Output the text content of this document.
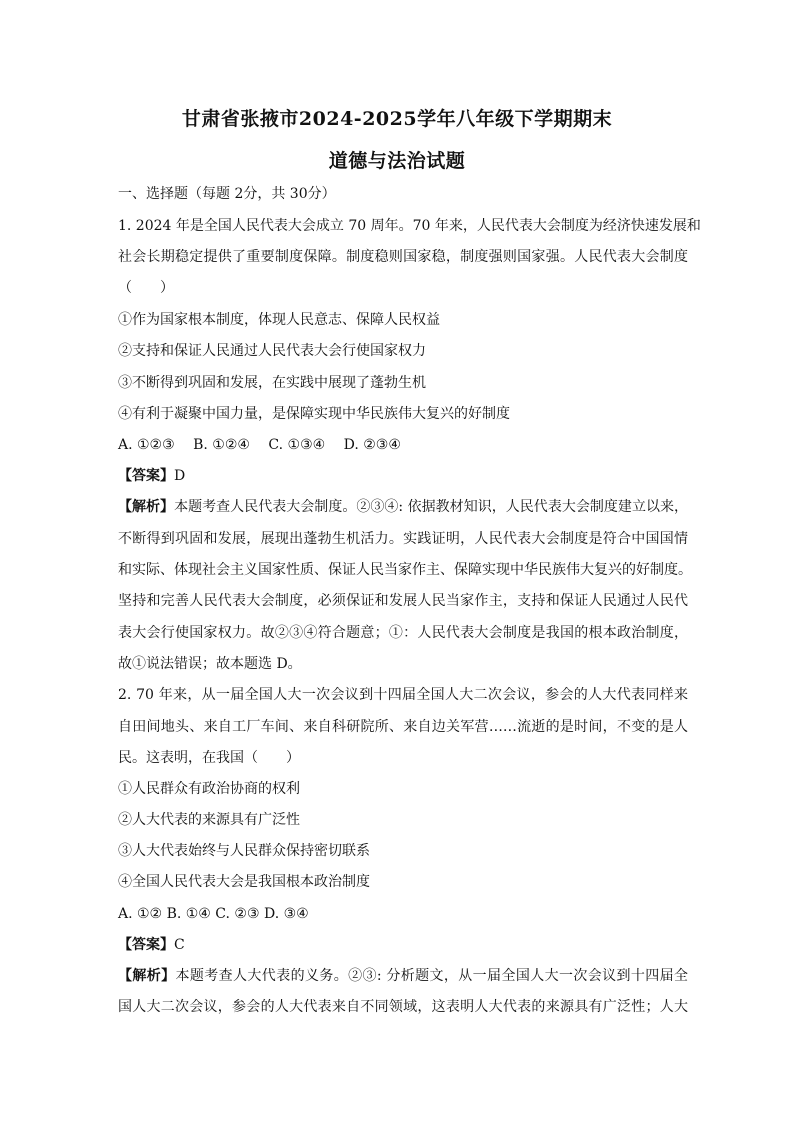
甘肃省张掖市2024-2025学年八年级下学期期末
道德与法治试题
一、选择题（每题 2分，共 30分）
1. 2024 年是全国人民代表大会成立 70 周年。70 年来，人民代表大会制度为经济快速发展和
社会长期稳定提供了重要制度保障。制度稳则国家稳，制度强则国家强。人民代表大会制度
（　　）
①作为国家根本制度，体现人民意志、保障人民权益
②支持和保证人民通过人民代表大会行使国家权力
③不断得到巩固和发展，在实践中展现了蓬勃生机
④有利于凝聚中国力量，是保障实现中华民族伟大复兴的好制度
A. ①②③　 B. ①②④　 C. ①③④　 D. ②③④
【答案】D
【解析】本题考查人民代表大会制度。②③④: 依据教材知识，人民代表大会制度建立以来，
不断得到巩固和发展，展现出蓬勃生机活力。实践证明，人民代表大会制度是符合中国国情
和实际、体现社会主义国家性质、保证人民当家作主、保障实现中华民族伟大复兴的好制度。
坚持和完善人民代表大会制度，必须保证和发展人民当家作主，支持和保证人民通过人民代
表大会行使国家权力。故②③④符合题意；①：人民代表大会制度是我国的根本政治制度，
故①说法错误；故本题选 D。
2. 70 年来，从一届全国人大一次会议到十四届全国人大二次会议，参会的人大代表同样来
自田间地头、来自工厂车间、来自科研院所、来自边关军营……流逝的是时间，不变的是人
民。这表明，在我国（　　）
①人民群众有政治协商的权利
②人大代表的来源具有广泛性
③人大代表始终与人民群众保持密切联系
④全国人民代表大会是我国根本政治制度
A. ①② B. ①④ C. ②③ D. ③④
【答案】C
【解析】本题考查人大代表的义务。②③: 分析题文，从一届全国人大一次会议到十四届全
国人大二次会议，参会的人大代表来自不同领域，这表明人大代表的来源具有广泛性；人大
